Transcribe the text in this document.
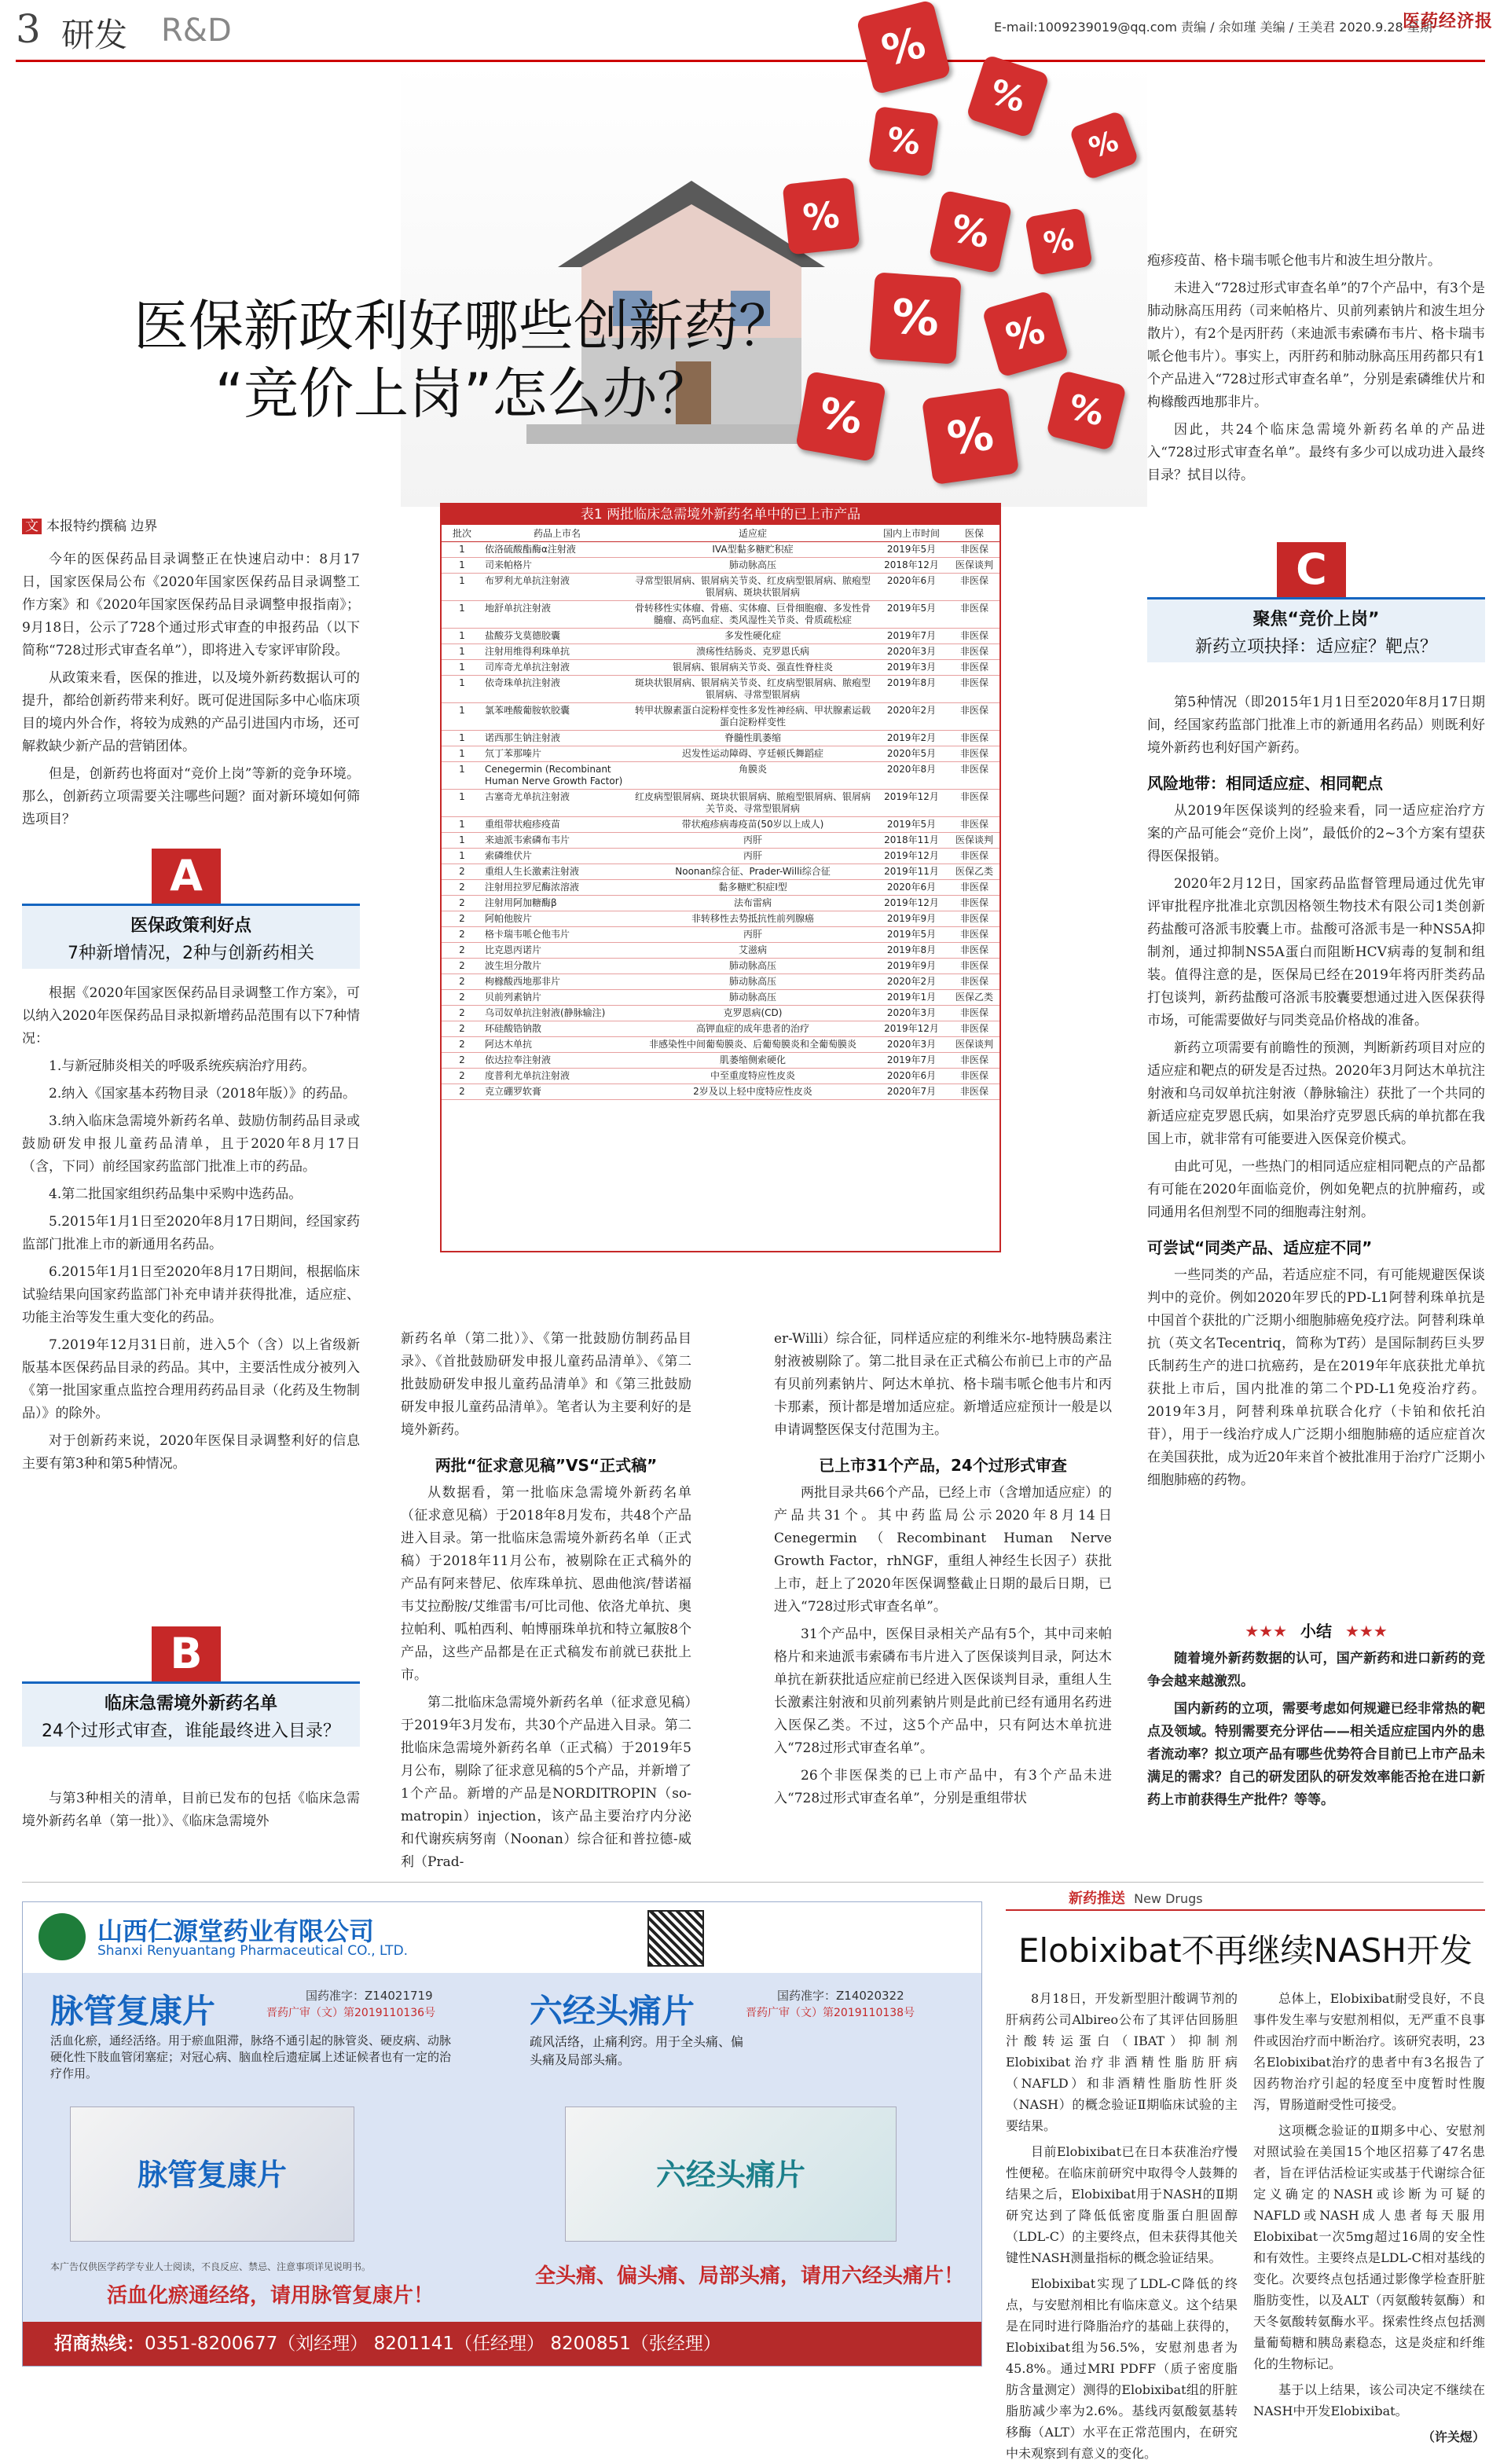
3 研发 R&D	E-mail:1009239019@qq.com 责编 / 余如瑾 美编 / 王美君 2020.9.28 星期一
医药经济报
%
%
%	%
%	%	%
%	%
%	%	%
医保新政利好哪些创新药？
“竞价上岗”怎么办？
文 本报特约撰稿 边界

今年的医保药品目录调整正在快速启动中：8月17日，国家医保局公布《2020年国家医保药品目录调整工作方案》和《2020年国家医保药品目录调整申报指南》；9月18日，公示了728个通过形式审查的申报药品（以下简称“728过形式审查名单”），即将进入专家评审阶段。

从政策来看，医保的推进，以及境外新药数据认可的提升，都给创新药带来利好。既可促进国际多中心临床项目的境内外合作，将较为成熟的产品引进国内市场，还可解救缺少新产品的营销团体。

但是，创新药也将面对“竞价上岗”等新的竞争环境。那么，创新药立项需要关注哪些问题？面对新环境如何筛选项目？

A
医保政策利好点
7种新增情况，2种与创新药相关

根据《2020年国家医保药品目录调整工作方案》，可以纳入2020年医保药品目录拟新增药品范围有以下7种情况：

1.与新冠肺炎相关的呼吸系统疾病治疗用药。

2.纳入《国家基本药物目录（2018年版）》的药品。

3.纳入临床急需境外新药名单、鼓励仿制药品目录或鼓励研发申报儿童药品清单，且于2020年8月17日（含，下同）前经国家药监部门批准上市的药品。

4.第二批国家组织药品集中采购中选药品。

5.2015年1月1日至2020年8月17日期间，经国家药监部门批准上市的新通用名药品。

6.2015年1月1日至2020年8月17日期间，根据临床试验结果向国家药监部门补充申请并获得批准，适应症、功能主治等发生重大变化的药品。

7.2019年12月31日前，进入5个（含）以上省级新版基本医保药品目录的药品。其中，主要活性成分被列入《第一批国家重点监控合理用药药品目录（化药及生物制品）》的除外。

对于创新药来说，2020年医保目录调整利好的信息主要有第3种和第5种情况。

B
临床急需境外新药名单
24个过形式审查，谁能最终进入目录？

与第3种相关的清单，目前已发布的包括《临床急需境外新药名单（第一批）》、《临床急需境外

表1 两批临床急需境外新药名单中的已上市产品
批次	药品上市名	适应症	国内上市时间	医保
1	依洛硫酸酯酶α注射液	IVA型黏多糖贮积症	2019年5月	非医保
1	司来帕格片	肺动脉高压	2018年12月	医保谈判
1	布罗利尤单抗注射液	寻常型银屑病、银屑病关节炎、红皮病型银屑病、脓疱型银屑病、斑块状银屑病	2020年6月	非医保
1	地舒单抗注射液	骨转移性实体瘤、骨癌、实体瘤、巨骨细胞瘤、多发性骨髓瘤、高钙血症、类风湿性关节炎、骨质疏松症	2019年5月	非医保
1	盐酸芬戈莫德胶囊	多发性硬化症	2019年7月	非医保
1	注射用维得利珠单抗	溃疡性结肠炎、克罗恩氏病	2020年3月	非医保
1	司库奇尤单抗注射液	银屑病、银屑病关节炎、强直性脊柱炎	2019年3月	非医保
1	依奇珠单抗注射液	斑块状银屑病、银屑病关节炎、红皮病型银屑病、脓疱型银屑病、寻常型银屑病	2019年8月	非医保
1	氯苯唑酸葡胺软胶囊	转甲状腺素蛋白淀粉样变性多发性神经病、甲状腺素运载蛋白淀粉样变性	2020年2月	非医保
1	诺西那生钠注射液	脊髓性肌萎缩	2019年2月	非医保
1	氘丁苯那嗪片	迟发性运动障碍、亨廷顿氏舞蹈症	2020年5月	非医保
1	Cenegermin (Recombinant Human Nerve Growth Factor)	角膜炎	2020年8月	非医保
1	古塞奇尤单抗注射液	红皮病型银屑病、斑块状银屑病、脓疱型银屑病、银屑病关节炎、寻常型银屑病	2019年12月	非医保
1	重组带状疱疹疫苗	带状疱疹病毒疫苗(50岁以上成人)	2019年5月	非医保
1	来迪派韦索磷布韦片	丙肝	2018年11月	医保谈判
1	索磷维伏片	丙肝	2019年12月	非医保
2	重组人生长激素注射液	Noonan综合征、Prader-Willi综合征	2019年11月	医保乙类
2	注射用拉罗尼酶浓溶液	黏多糖贮积症I型	2020年6月	非医保
2	注射用阿加糖酶β	法布雷病	2019年12月	非医保
2	阿帕他胺片	非转移性去势抵抗性前列腺癌	2019年9月	非医保
2	格卡瑞韦哌仑他韦片	丙肝	2019年5月	非医保
2	比克恩丙诺片	艾滋病	2019年8月	非医保
2	波生坦分散片	肺动脉高压	2019年9月	非医保
2	枸橼酸西地那非片	肺动脉高压	2020年2月	非医保
2	贝前列素钠片	肺动脉高压	2019年1月	医保乙类
2	乌司奴单抗注射液(静脉输注)	克罗恩病(CD)	2020年3月	非医保
2	环硅酸锆钠散	高钾血症的成年患者的治疗	2019年12月	非医保
2	阿达木单抗	非感染性中间葡萄膜炎、后葡萄膜炎和全葡萄膜炎	2020年3月	医保谈判
2	依达拉奉注射液	肌萎缩侧索硬化	2019年7月	非医保
2	度普利尤单抗注射液	中至重度特应性皮炎	2020年6月	非医保
2	克立硼罗软膏	2岁及以上轻中度特应性皮炎	2020年7月	非医保

新药名单（第二批）》、《第一批鼓励仿制药品目录》、《首批鼓励研发申报儿童药品清单》、《第二批鼓励研发申报儿童药品清单》和《第三批鼓励研发申报儿童药品清单》。笔者认为主要利好的是境外新药。

两批“征求意见稿”VS“正式稿”

从数据看，第一批临床急需境外新药名单（征求意见稿）于2018年8月发布，共48个产品进入目录。第一批临床急需境外新药名单（正式稿）于2018年11月公布，被剔除在正式稿外的产品有阿来替尼、依库珠单抗、恩曲他滨/替诺福韦艾拉酚胺/艾维雷韦/可比司他、依洛尤单抗、奥拉帕利、呱柏西利、帕博丽珠单抗和特立氟胺8个产品，这些产品都是在正式稿发布前就已获批上市。

第二批临床急需境外新药名单（征求意见稿）于2019年3月发布，共30个产品进入目录。第二批临床急需境外新药名单（正式稿）于2019年5月公布，剔除了征求意见稿的5个产品，并新增了1个产品。新增的产品是NORDITROPIN（so-matropin）injection，该产品主要治疗内分泌和代谢疾病努南（Noonan）综合征和普拉德-威利（Prad-

er-Willi）综合征，同样适应症的利维米尔-地特胰岛素注射液被剔除了。第二批目录在正式稿公布前已上市的产品有贝前列素钠片、阿达木单抗、格卡瑞韦哌仑他韦片和丙卡那素，预计都是增加适应症。新增适应症预计一般是以申请调整医保支付范围为主。

已上市31个产品，24个过形式审查

两批目录共66个产品，已经上市（含增加适应症）的产品共31个。其中药监局公示2020年8月14日Cenegermin（Recombinant Human Nerve Growth Factor，rhNGF，重组人神经生长因子）获批上市，赶上了2020年医保调整截止日期的最后日期，已进入“728过形式审查名单”。

31个产品中，医保目录相关产品有5个，其中司来帕格片和来迪派韦索磷布韦片进入了医保谈判目录，阿达木单抗在新获批适应症前已经进入医保谈判目录，重组人生长激素注射液和贝前列素钠片则是此前已经有通用名药进入医保乙类。不过，这5个产品中，只有阿达木单抗进入“728过形式审查名单”。

26个非医保类的已上市产品中，有3个产品未进入“728过形式审查名单”，分别是重组带状

疱疹疫苗、格卡瑞韦哌仑他韦片和波生坦分散片。

未进入“728过形式审查名单”的7个产品中，有3个是肺动脉高压用药（司来帕格片、贝前列素钠片和波生坦分散片），有2个是丙肝药（来迪派韦索磷布韦片、格卡瑞韦哌仑他韦片）。事实上，丙肝药和肺动脉高压用药都只有1个产品进入“728过形式审查名单”，分别是索磷维伏片和枸橼酸西地那非片。

因此，共24个临床急需境外新药名单的产品进入“728过形式审查名单”。最终有多少可以成功进入最终目录？拭目以待。

C
聚焦“竞价上岗”
新药立项抉择：适应症？靶点？

第5种情况（即2015年1月1日至2020年8月17日期间，经国家药监部门批准上市的新通用名药品）则既利好境外新药也利好国产新药。

风险地带：相同适应症、相同靶点

从2019年医保谈判的经验来看，同一适应症治疗方案的产品可能会“竞价上岗”，最低价的2~3个方案有望获得医保报销。

2020年2月12日，国家药品监督管理局通过优先审评审批程序批准北京凯因格领生物技术有限公司1类创新药盐酸可洛派韦胶囊上市。盐酸可洛派韦是一种NS5A抑制剂，通过抑制NS5A蛋白而阻断HCV病毒的复制和组装。值得注意的是，医保局已经在2019年将丙肝类药品打包谈判，新药盐酸可洛派韦胶囊要想通过进入医保获得市场，可能需要做好与同类竞品价格战的准备。

新药立项需要有前瞻性的预测，判断新药项目对应的适应症和靶点的研发是否过热。2020年3月阿达木单抗注射液和乌司奴单抗注射液（静脉输注）获批了一个共同的新适应症克罗恩氏病，如果治疗克罗恩氏病的单抗都在我国上市，就非常有可能要进入医保竞价模式。

由此可见，一些热门的相同适应症相同靶点的产品都有可能在2020年面临竞价，例如免靶点的抗肿瘤药，或同通用名但剂型不同的细胞毒注射剂。

可尝试“同类产品、适应症不同”

一些同类的产品，若适应症不同，有可能规避医保谈判中的竞价。例如2020年罗氏的PD-L1阿替利珠单抗是中国首个获批的广泛期小细胞肺癌免疫疗法。阿替利珠单抗（英文名Tecentriq，简称为T药）是国际制药巨头罗氏制药生产的进口抗癌药，是在2019年年底获批尤单抗获批上市后，国内批准的第二个PD-L1免疫治疗药。2019年3月，阿替利珠单抗联合化疗（卡铂和依托泊苷），用于一线治疗成人广泛期小细胞肺癌的适应症首次在美国获批，成为近20年来首个被批准用于治疗广泛期小细胞肺癌的药物。

★★★ 小结 ★★★

随着境外新药数据的认可，国产新药和进口新药的竞争会越来越激烈。

国内新药的立项，需要考虑如何规避已经非常热的靶点及领域。特别需要充分评估——相关适应症国内外的患者流动率？拟立项产品有哪些优势符合目前已上市产品未满足的需求？自己的研发团队的研发效率能否抢在进口新药上市前获得生产批件？等等。

山西仁源堂药业有限公司
Shanxi Renyuantang Pharmaceutical CO., LTD.
脉管复康片	国药准字：Z14021719
晋药广审（文）第2019110136号
活血化瘀，通经活络。用于瘀血阻滞，脉络不通引起的脉管炎、硬皮病、动脉硬化性下肢血管闭塞症；对冠心病、脑血栓后遗症属上述证候者也有一定的治疗作用。
脉管复康片
本广告仅供医学药学专业人士阅读，不良反应、禁忌、注意事项详见说明书。
活血化瘀通经络，请用脉管复康片！
六经头痛片	国药准字：Z14020322
晋药广审（文）第2019110138号
疏风活络，止痛利窍。用于全头痛、偏头痛及局部头痛。
六经头痛片
全头痛、偏头痛、局部头痛，请用六经头痛片！
招商热线：0351-8200677（刘经理） 8201141（任经理） 8200851（张经理）
新药推送 New Drugs
Elobixibat不再继续NASH开发

8月18日，开发新型胆汁酸调节剂的肝病药公司Albireo公布了其评估回肠胆汁酸转运蛋白（IBAT）抑制剂Elobixibat治疗非酒精性脂肪肝病（NAFLD）和非酒精性脂肪性肝炎（NASH）的概念验证Ⅱ期临床试验的主要结果。

目前Elobixibat已在日本获准治疗慢性便秘。在临床前研究中取得令人鼓舞的结果之后，Elobixibat用于NASH的Ⅱ期研究达到了降低低密度脂蛋白胆固醇（LDL-C）的主要终点，但未获得其他关键性NASH测量指标的概念验证结果。

Elobixibat实现了LDL-C降低的终点，与安慰剂相比有临床意义。这个结果是在同时进行降脂治疗的基础上获得的，Elobixibat组为56.5%，安慰剂患者为45.8%。通过MRI PDFF（质子密度脂肪含量测定）测得的Elobixibat组的肝脏脂肪减少率为2.6%。基线丙氨酸氨基转移酶（ALT）水平在正常范围内，在研究中未观察到有意义的变化。

总体上，Elobixibat耐受良好，不良事件发生率与安慰剂相似，无严重不良事件或因治疗而中断治疗。该研究表明，23名Elobixibat治疗的患者中有3名报告了因药物治疗引起的轻度至中度暂时性腹泻，胃肠道耐受性可接受。

这项概念验证的Ⅱ期多中心、安慰剂对照试验在美国15个地区招募了47名患者，旨在评估活检证实或基于代谢综合征定义确定的NASH或诊断为可疑的NAFLD或NASH成人患者每天服用Elobixibat一次5mg超过16周的安全性和有效性。主要终点是LDL-C相对基线的变化。次要终点包括通过影像学检查肝脏脂肪变性，以及ALT（丙氨酸转氨酶）和天冬氨酸转氨酶水平。探索性终点包括测量葡萄糖和胰岛素稳态，这是炎症和纤维化的生物标记。

基于以上结果，该公司决定不继续在NASH中开发Elobixibat。

（许关煜）
